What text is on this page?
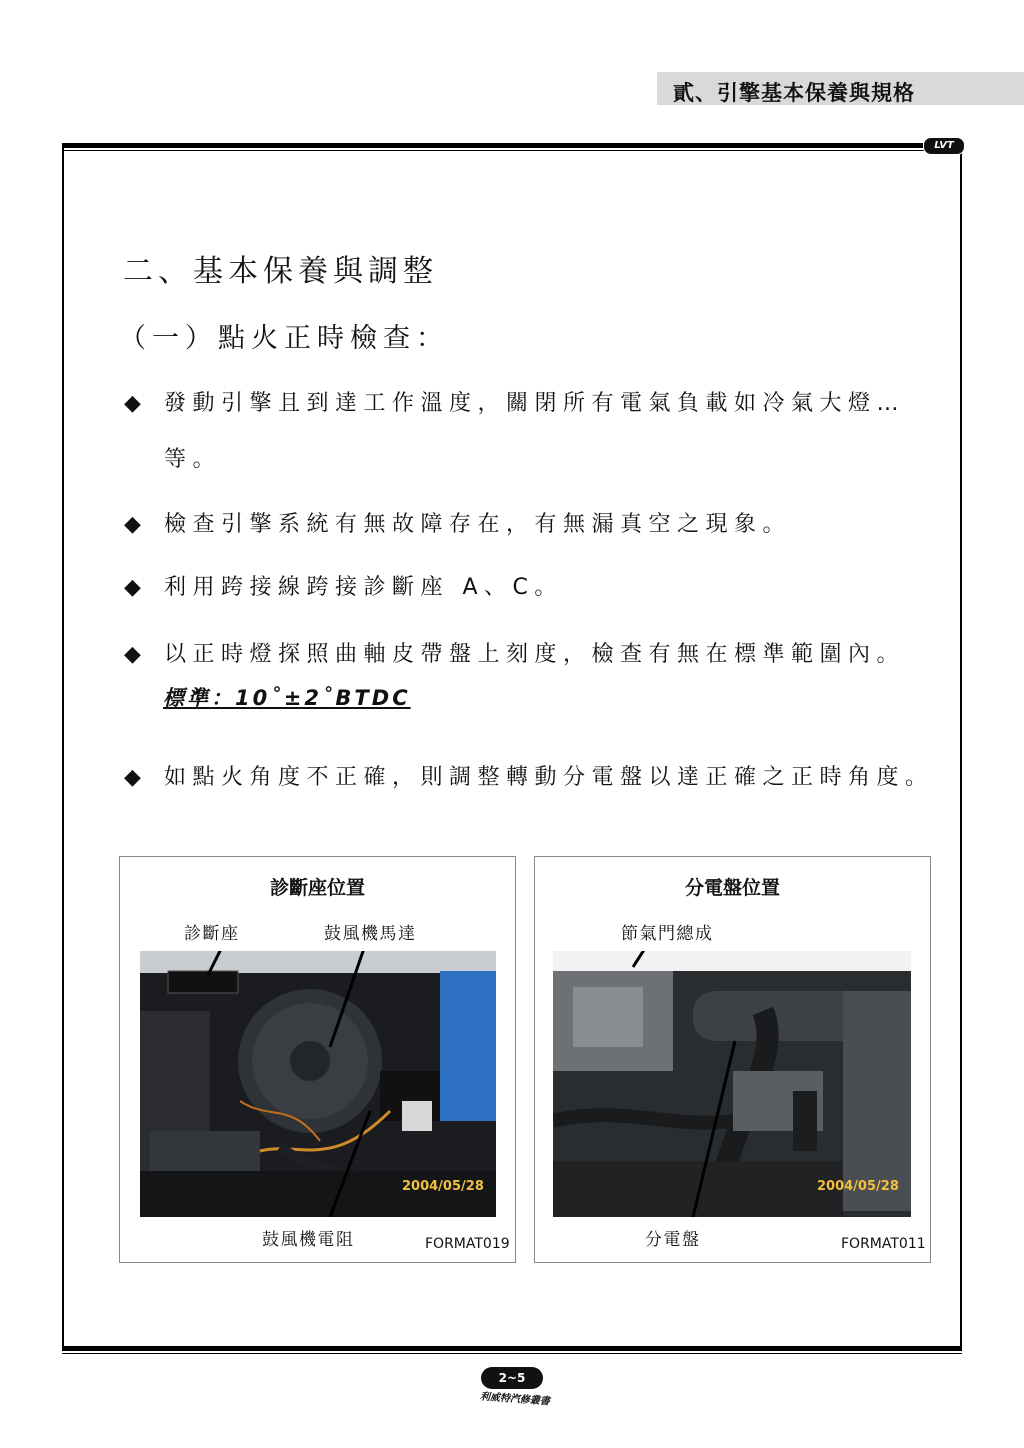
貳、引擎基本保養與規格
LVT
二、基本保養與調整
（一）點火正時檢查：
◆ 發動引擎且到達工作溫度，關閉所有電氣負載如冷氣大燈…等。
◆ 檢查引擎系統有無故障存在，有無漏真空之現象。
◆ 利用跨接線跨接診斷座 A、C。
◆ 以正時燈探照曲軸皮帶盤上刻度，檢查有無在標準範圍內。
標準：10˚±2˚BTDC
◆ 如點火角度不正確，則調整轉動分電盤以達正確之正時角度。
診斷座位置
診斷座	鼓風機馬達
2004/05/28
鼓風機電阻	FORMAT019
分電盤位置
節氣門總成
2004/05/28
分電盤	FORMAT011
2~5
利威特汽修叢書
